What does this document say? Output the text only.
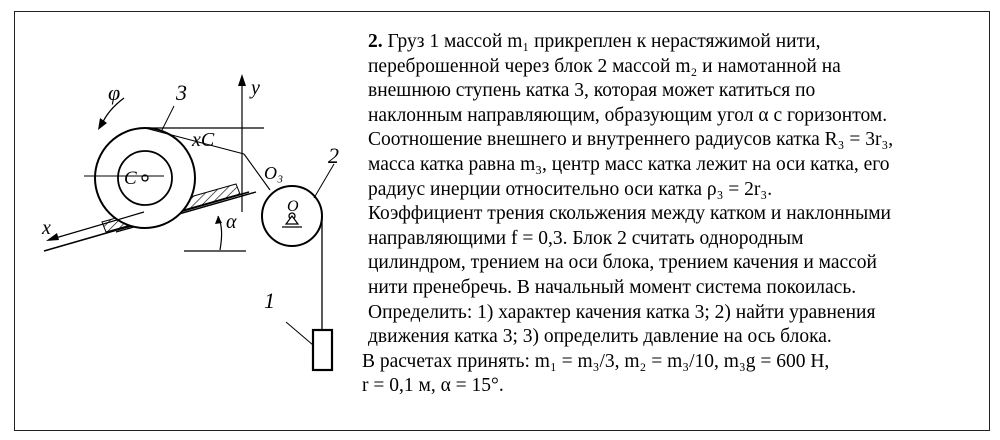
φ	3	y
xC
C	O₃
2
O
α
x
1
2. Груз 1 массой m₁ прикреплен к нерастяжимой нити,
переброшенной через блок 2 массой m₂ и намотанной на
внешнюю ступень катка 3, которая может катиться по
наклонным направляющим, образующим угол α с горизонтом.
Соотношение внешнего и внутреннего радиусов катка R₃ = 3r₃,
масса катка равна m₃, центр масс катка лежит на оси катка, его
радиус инерции относительно оси катка ρ₃ = 2r₃.
Коэффициент трения скольжения между катком и наклонными
направляющими f = 0,3. Блок 2 считать однородным
цилиндром, трением на оси блока, трением качения и массой
нити пренебречь. В начальный момент система покоилась.
Определить: 1) характер качения катка 3; 2) найти уравнения
движения катка 3; 3) определить давление на ось блока.
В расчетах принять: m₁ = m₃/3, m₂ = m₃/10, m₃g = 600 Н,
r = 0,1 м, α = 15°.
